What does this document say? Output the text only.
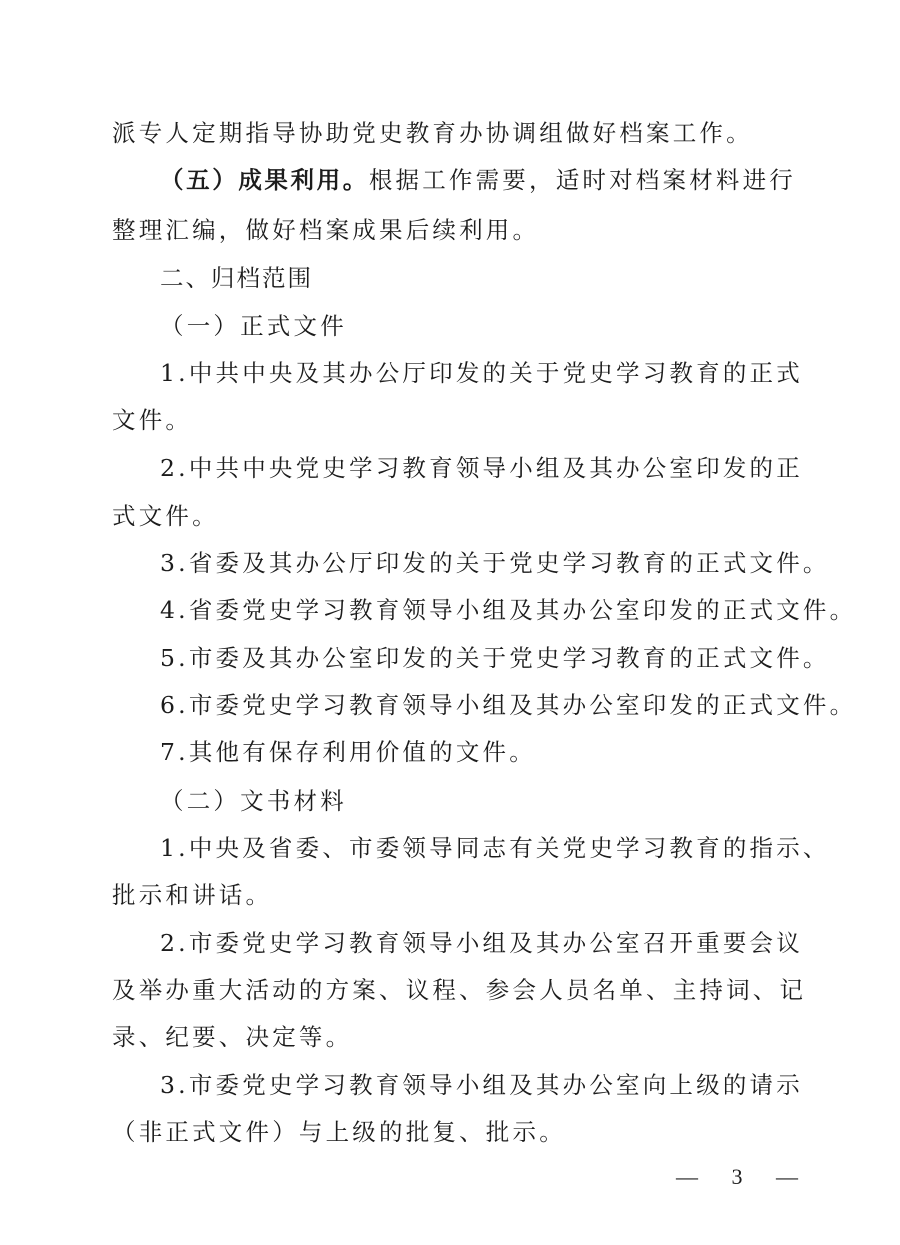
派专人定期指导协助党史教育办协调组做好档案工作。
（五）成果利用。根据工作需要，适时对档案材料进行
整理汇编，做好档案成果后续利用。
二、归档范围
（一）正式文件
1.中共中央及其办公厅印发的关于党史学习教育的正式
文件。
2.中共中央党史学习教育领导小组及其办公室印发的正
式文件。
3.省委及其办公厅印发的关于党史学习教育的正式文件。
4.省委党史学习教育领导小组及其办公室印发的正式文件。
5.市委及其办公室印发的关于党史学习教育的正式文件。
6.市委党史学习教育领导小组及其办公室印发的正式文件。
7.其他有保存利用价值的文件。
（二）文书材料
1.中央及省委、市委领导同志有关党史学习教育的指示、
批示和讲话。
2.市委党史学习教育领导小组及其办公室召开重要会议
及举办重大活动的方案、议程、参会人员名单、主持词、记
录、纪要、决定等。
3.市委党史学习教育领导小组及其办公室向上级的请示
（非正式文件）与上级的批复、批示。
— 3 —
